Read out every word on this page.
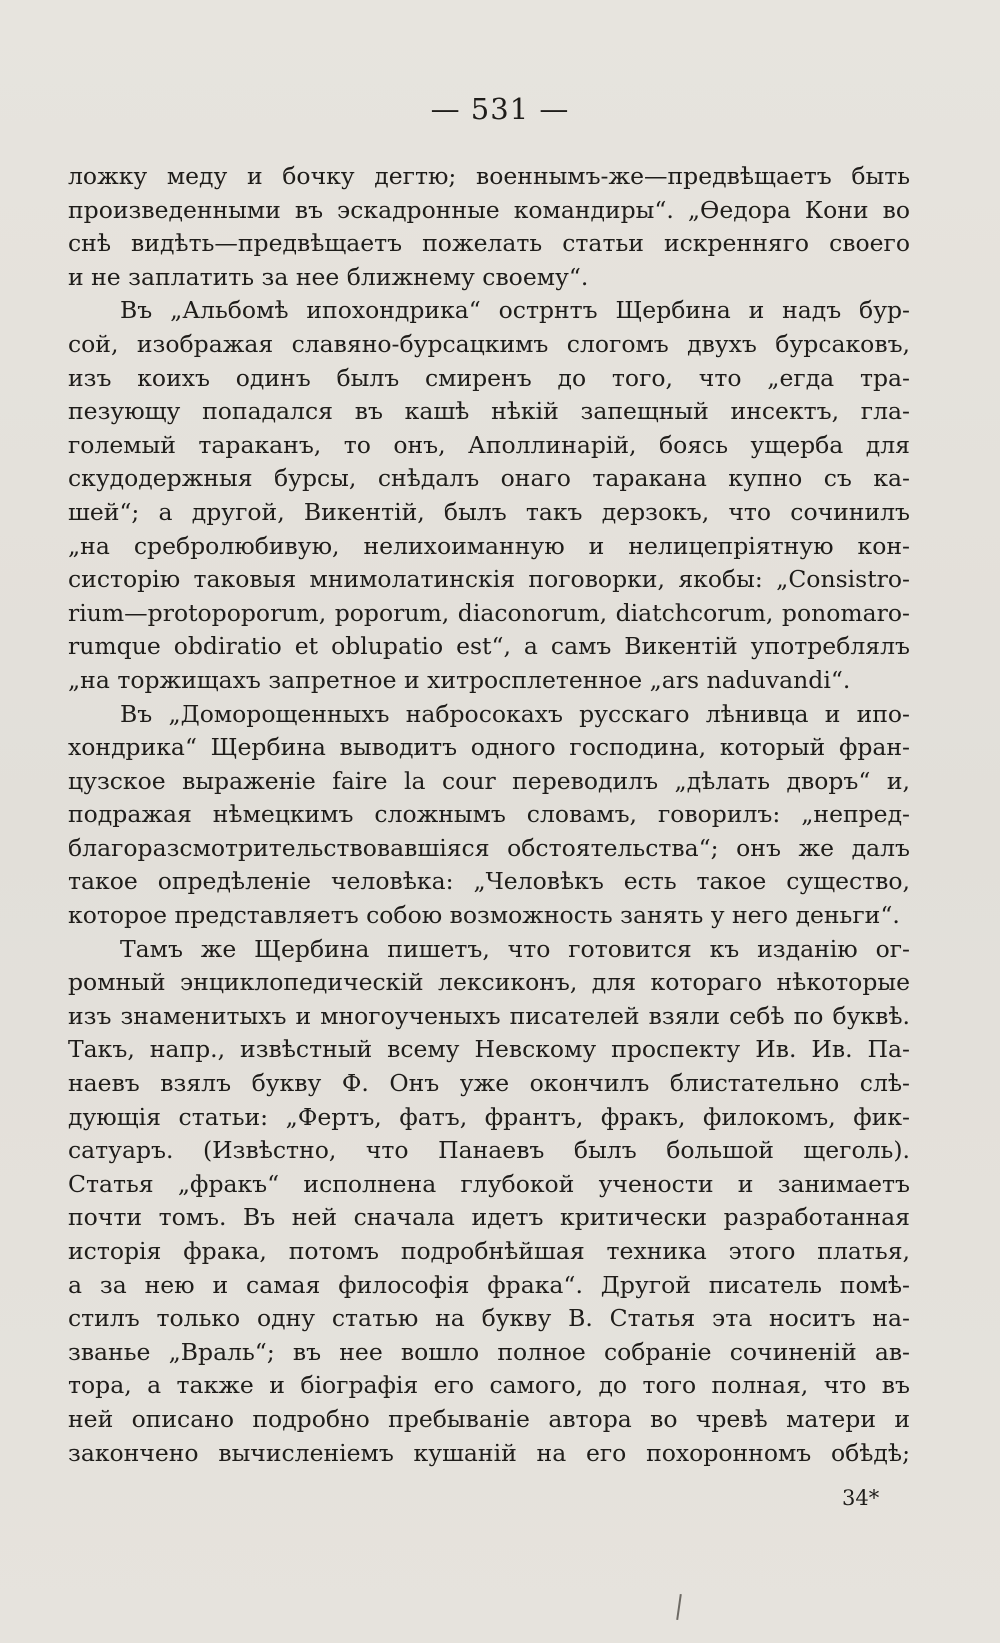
— 531 —
ложку меду и бочку дегтю; военнымъ-же—предвѣщаетъ быть
произведенными въ эскадронные командиры“. „Өедора Кони во
снѣ видѣть—предвѣщаетъ пожелать статьи искренняго своего
и не заплатить за нее ближнему своему“.
Въ „Альбомѣ ипохондрика“ острнтъ Щербина и надъ бур-
сой, изображая славяно-бурсацкимъ слогомъ двухъ бурсаковъ,
изъ коихъ одинъ былъ смиренъ до того, что „егда тра-
пезующу попадался въ кашѣ нѣкій запещный инсектъ, гла-
големый тараканъ, то онъ, Аполлинарій, боясь ущерба для
скудодержныя бурсы, снѣдалъ онаго таракана купно съ ка-
шей“; а другой, Викентій, былъ такъ дерзокъ, что сочинилъ
„на сребролюбивую, нелихоиманную и нелицепріятную кон-
систорію таковыя мнимолатинскія поговорки, якобы: „Consistro-
rium—protopoporum, poporum, diaconorum, diatchcorum, ponomaro-
rumque obdiratio et oblupatio est“, а самъ Викентій употреблялъ
„на торжищахъ запретное и хитросплетенное „ars naduvandi“.
Въ „Доморощенныхъ набросокахъ русскаго лѣнивца и ипо-
хондрика“ Щербина выводитъ одного господина, который фран-
цузское выраженіе faire la cour переводилъ „дѣлать дворъ“ и,
подражая нѣмецкимъ сложнымъ словамъ, говорилъ: „непред-
благоразсмотрительствовавшіяся обстоятельства“; онъ же далъ
такое опредѣленіе человѣка: „Человѣкъ есть такое существо,
которое представляетъ собою возможность занять у него деньги“.
Тамъ же Щербина пишетъ, что готовится къ изданію ог-
ромный энциклопедическій лексиконъ, для котораго нѣкоторые
изъ знаменитыхъ и многоученыхъ писателей взяли себѣ по буквѣ.
Такъ, напр., извѣстный всему Невскому проспекту Ив. Ив. Па-
наевъ взялъ букву Ф. Онъ уже окончилъ блистательно слѣ-
дующія статьи: „Фертъ, фатъ, франтъ, фракъ, филокомъ, фик-
сатуаръ. (Извѣстно, что Панаевъ былъ большой щеголь).
Статья „фракъ“ исполнена глубокой учености и занимаетъ
почти томъ. Въ ней сначала идетъ критически разработанная
исторія фрака, потомъ подробнѣйшая техника этого платья,
а за нею и самая философія фрака“. Другой писатель помѣ-
стилъ только одну статью на букву В. Статья эта носитъ на-
званье „Враль“; въ нее вошло полное собраніе сочиненій ав-
тора, а также и біографія его самого, до того полная, что въ
ней описано подробно пребываніе автора во чревѣ матери и
закончено вычисленіемъ кушаній на его похоронномъ обѣдѣ;
34*
